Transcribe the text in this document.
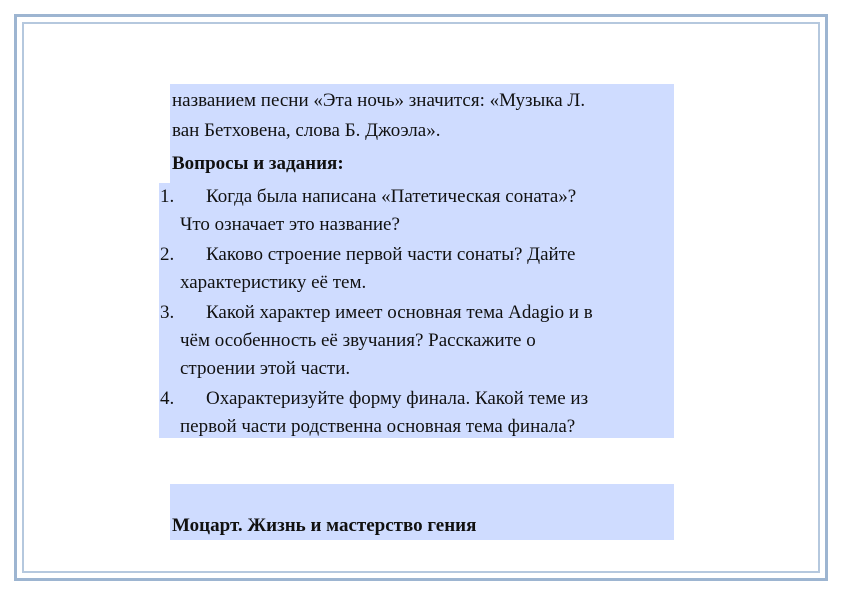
названием песни «Эта ночь» значится: «Музыка Л.
ван Бетховена, слова Б. Джоэла».
Вопросы и задания:
1.	Когда была написана «Патетическая соната»?
Что означает это название?
2.	Каково строение первой части сонаты? Дайте
характеристику её тем.
3.	Какой характер имеет основная тема Adagio и в
чём особенность её звучания? Расскажите о
строении этой части.
4.	Охарактеризуйте форму финала. Какой теме из
первой части родственна основная тема финала?
Моцарт. Жизнь и мастерство гения
